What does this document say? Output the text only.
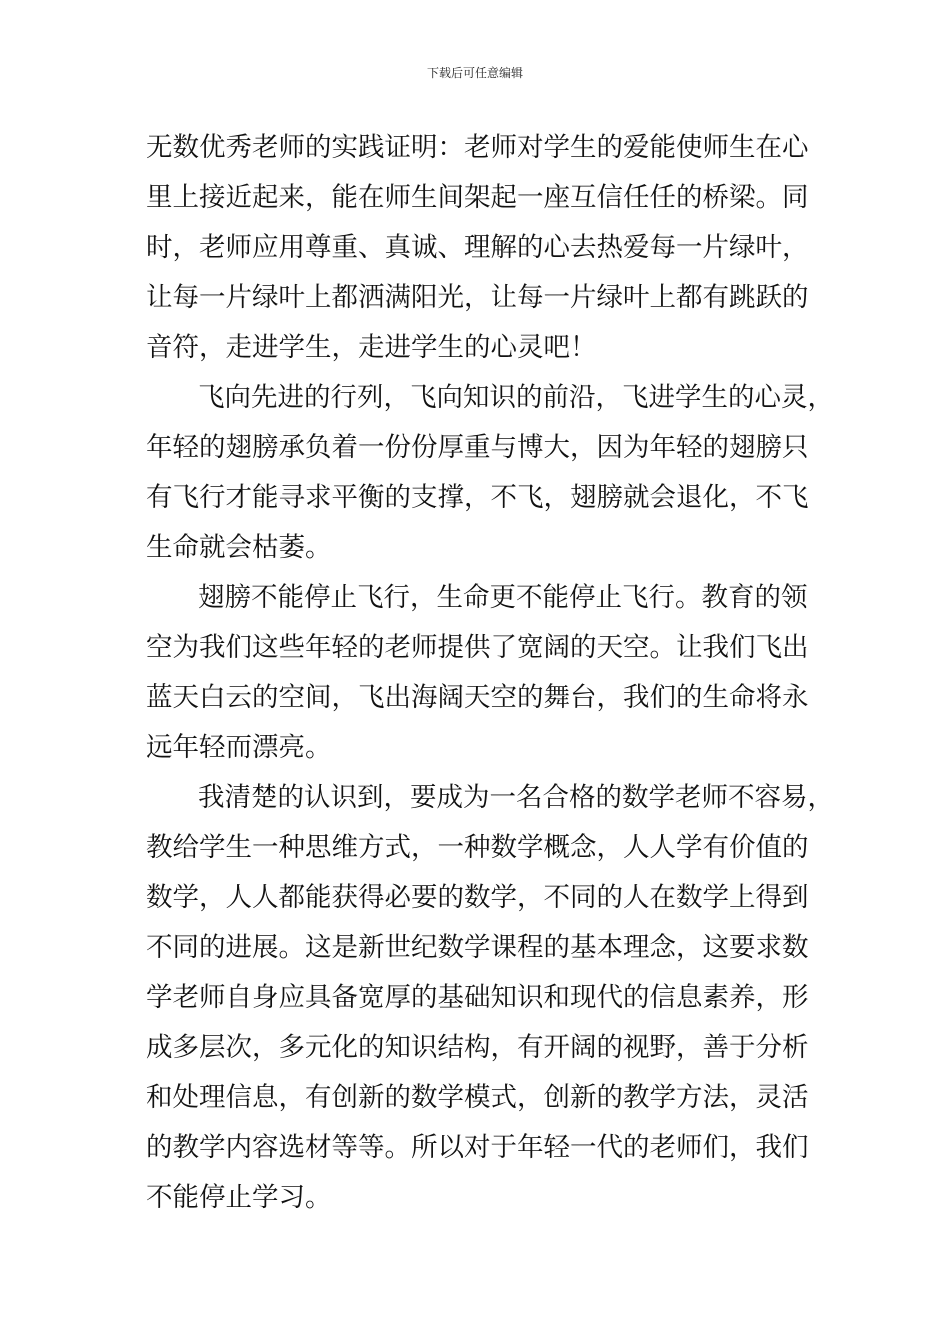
下载后可任意编辑
无数优秀老师的实践证明：老师对学生的爱能使师生在心
里上接近起来，能在师生间架起一座互信任任的桥梁。同
时，老师应用尊重、真诚、理解的心去热爱每一片绿叶，
让每一片绿叶上都洒满阳光，让每一片绿叶上都有跳跃的
音符，走进学生，走进学生的心灵吧！
飞向先进的行列，飞向知识的前沿，飞进学生的心灵，
年轻的翅膀承负着一份份厚重与博大，因为年轻的翅膀只
有飞行才能寻求平衡的支撑，不飞，翅膀就会退化，不飞
生命就会枯萎。
翅膀不能停止飞行，生命更不能停止飞行。教育的领
空为我们这些年轻的老师提供了宽阔的天空。让我们飞出
蓝天白云的空间，飞出海阔天空的舞台，我们的生命将永
远年轻而漂亮。
我清楚的认识到，要成为一名合格的数学老师不容易，
教给学生一种思维方式，一种数学概念，人人学有价值的
数学，人人都能获得必要的数学，不同的人在数学上得到
不同的进展。这是新世纪数学课程的基本理念，这要求数
学老师自身应具备宽厚的基础知识和现代的信息素养，形
成多层次，多元化的知识结构，有开阔的视野，善于分析
和处理信息，有创新的数学模式，创新的教学方法，灵活
的教学内容选材等等。所以对于年轻一代的老师们，我们
不能停止学习。
